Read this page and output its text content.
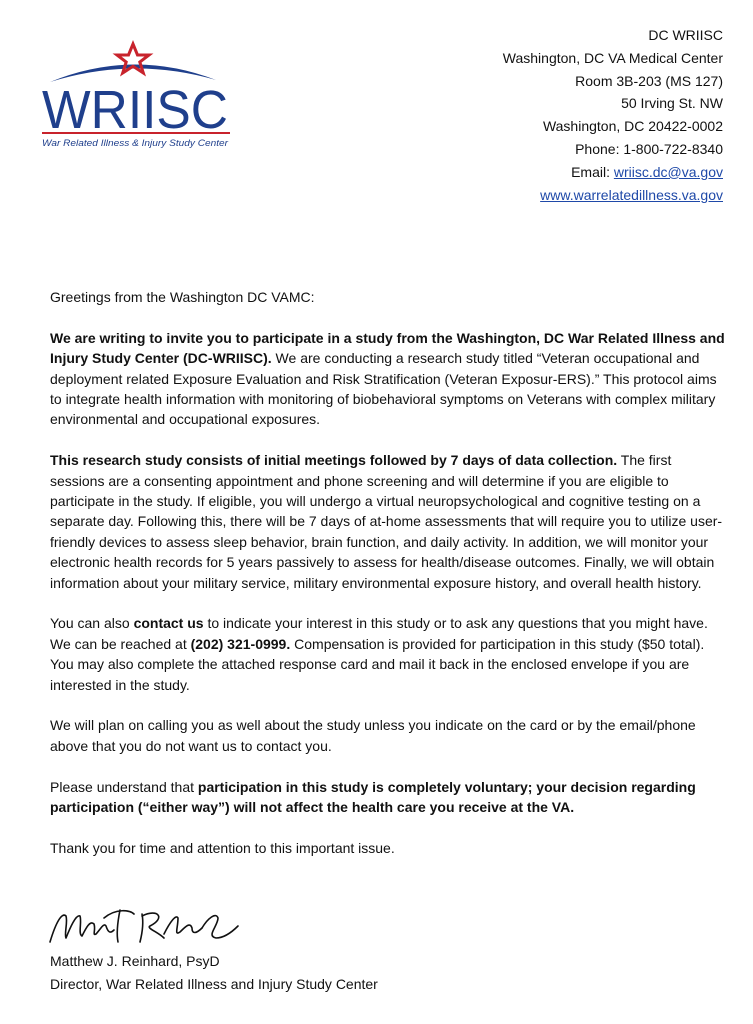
WRIISC
War Related Illness & Injury Study Center
DC WRIISC
Washington, DC VA Medical Center
Room 3B-203 (MS 127)
50 Irving St. NW
Washington, DC 20422-0002
Phone: 1-800-722-8340
Email: wriisc.dc@va.gov
www.warrelatedillness.va.gov

Greetings from the Washington DC VAMC:

We are writing to invite you to participate in a study from the Washington, DC War Related Illness and Injury Study Center (DC-WRIISC). We are conducting a research study titled “Veteran occupational and deployment related Exposure Evaluation and Risk Stratification (Veteran Exposur-ERS).” This protocol aims to integrate health information with monitoring of biobehavioral symptoms on Veterans with complex military environmental and occupational exposures.

This research study consists of initial meetings followed by 7 days of data collection. The first sessions are a consenting appointment and phone screening and will determine if you are eligible to participate in the study. If eligible, you will undergo a virtual neuropsychological and cognitive testing on a separate day. Following this, there will be 7 days of at-home assessments that will require you to utilize user-friendly devices to assess sleep behavior, brain function, and daily activity. In addition, we will monitor your electronic health records for 5 years passively to assess for health/disease outcomes. Finally, we will obtain information about your military service, military environmental exposure history, and overall health history.

You can also contact us to indicate your interest in this study or to ask any questions that you might have. We can be reached at (202) 321-0999. Compensation is provided for participation in this study ($50 total). You may also complete the attached response card and mail it back in the enclosed envelope if you are interested in the study.

We will plan on calling you as well about the study unless you indicate on the card or by the email/phone above that you do not want us to contact you.

Please understand that participation in this study is completely voluntary; your decision regarding participation (“either way”) will not affect the health care you receive at the VA.

Thank you for time and attention to this important issue.

Matthew J. Reinhard, PsyD
Director, War Related Illness and Injury Study Center
